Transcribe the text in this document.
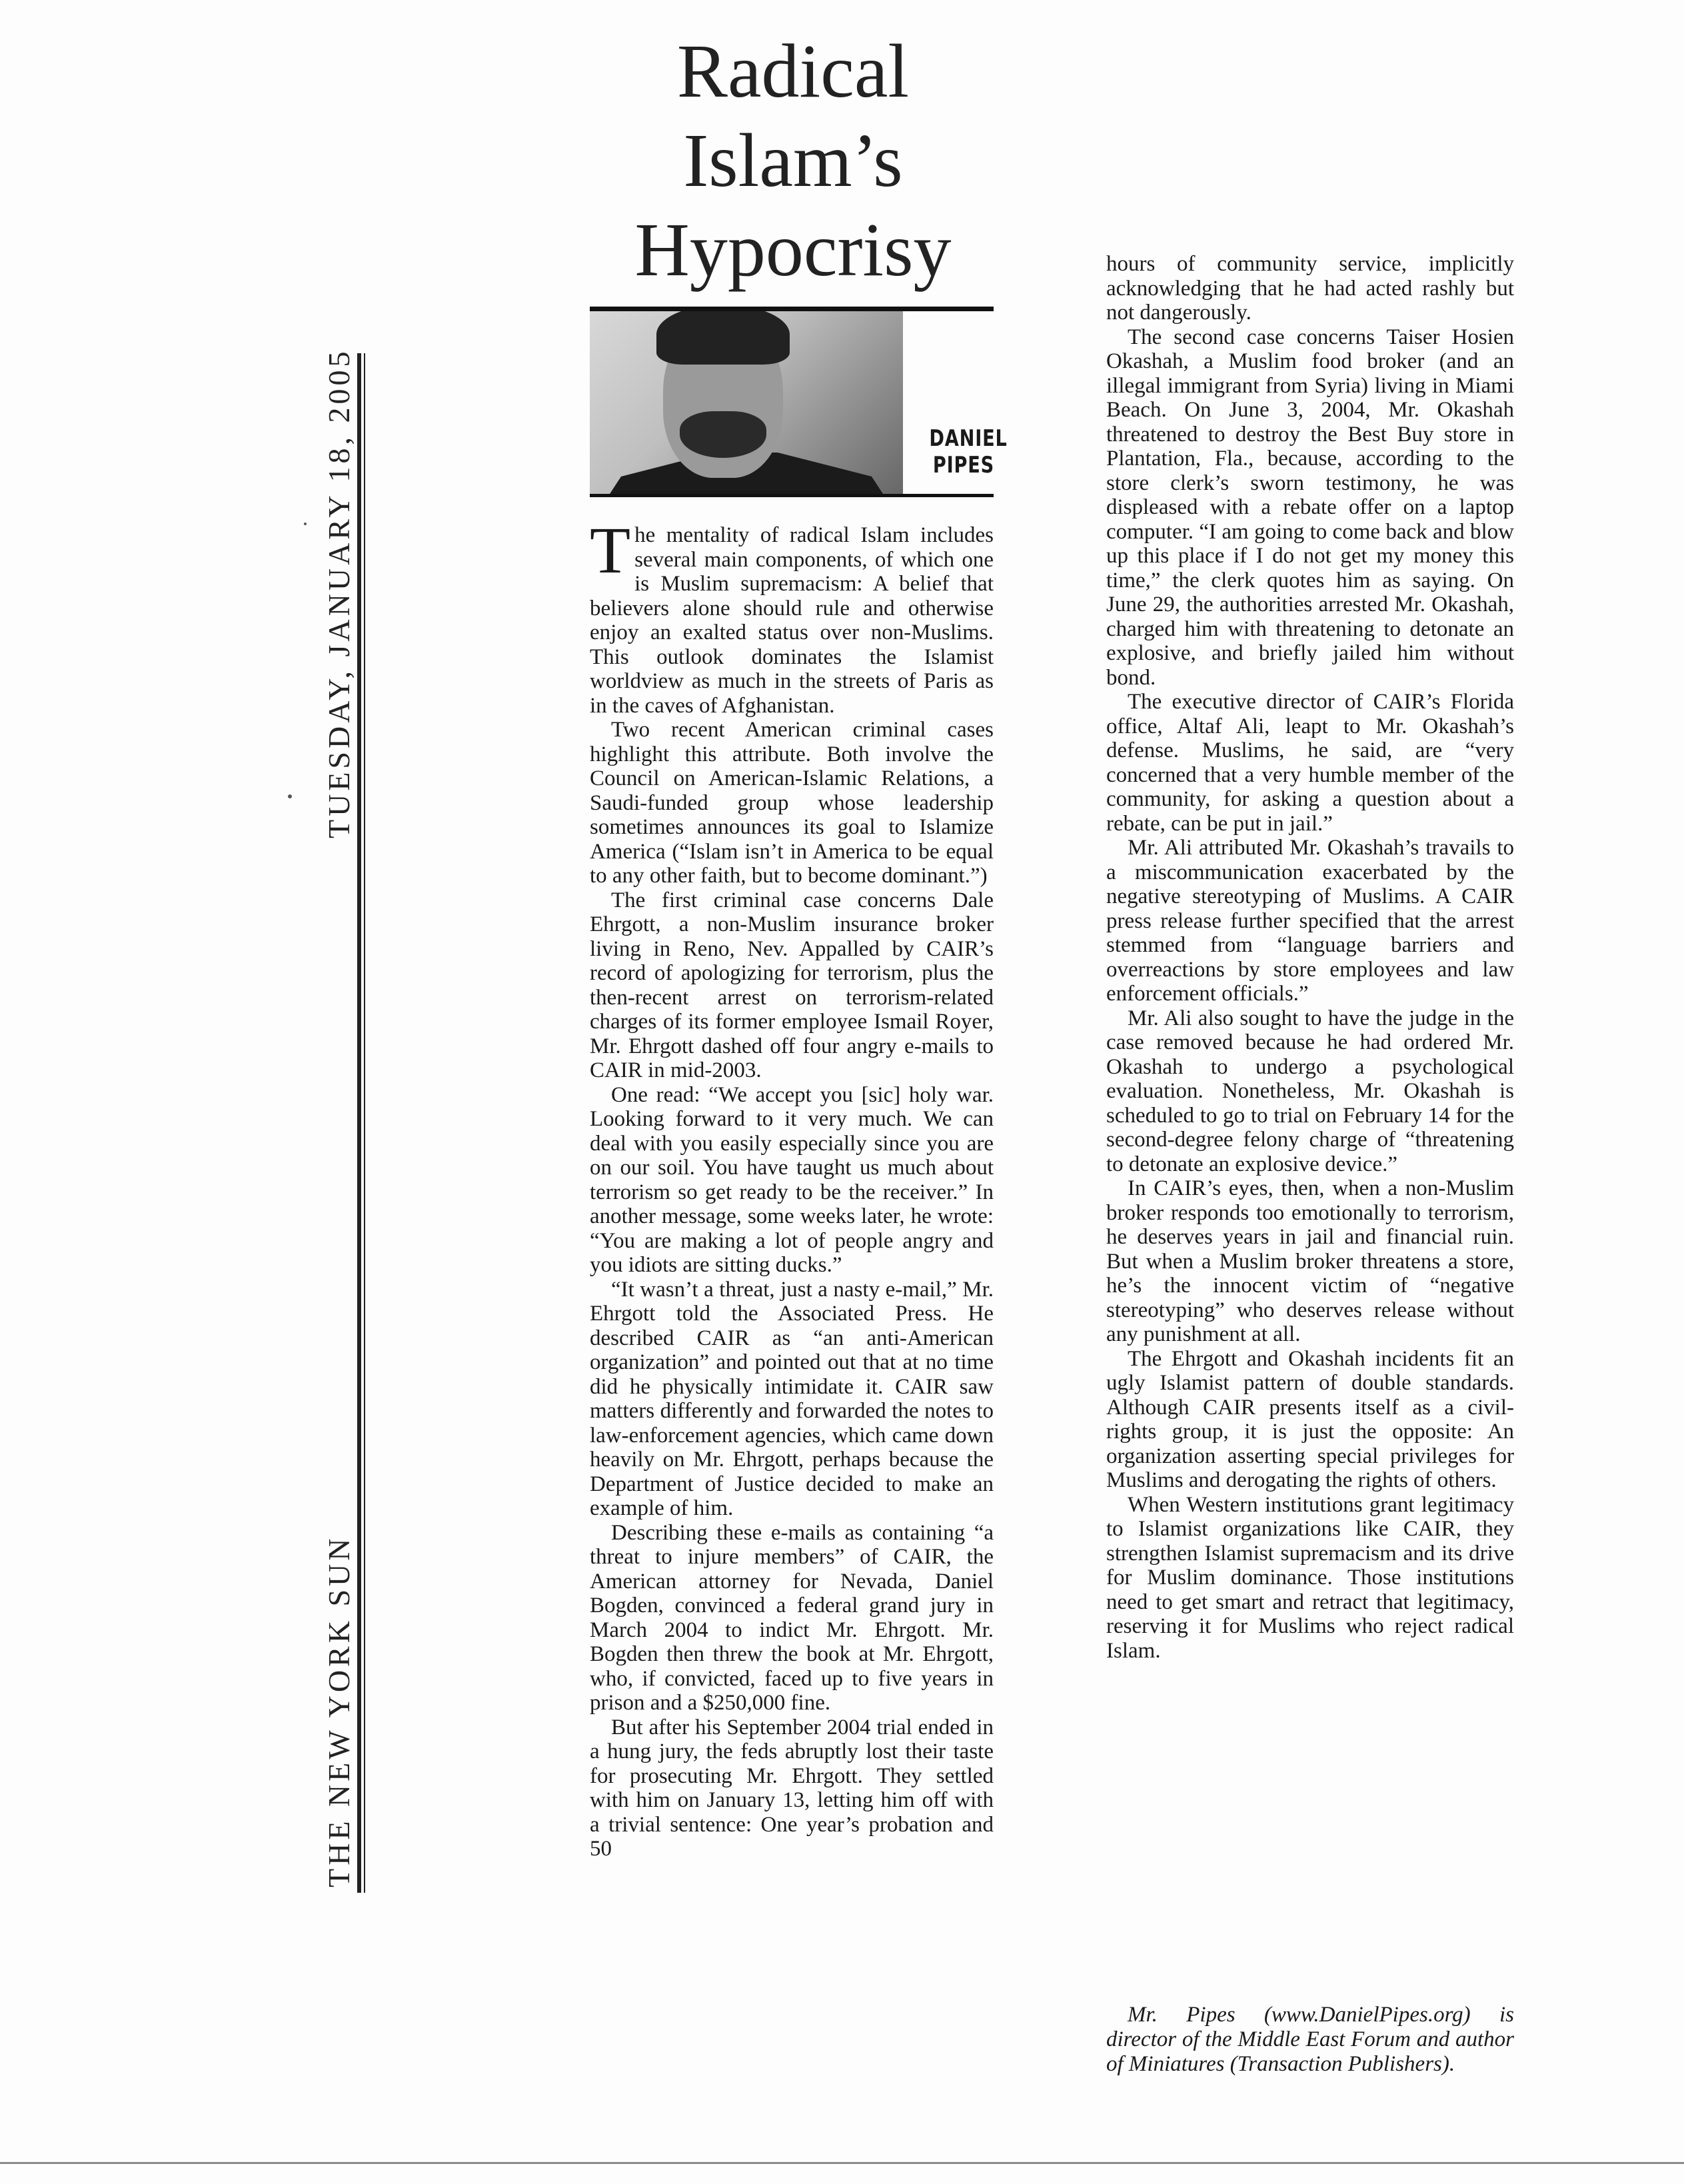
TUESDAY, JANUARY 18, 2005
THE NEW YORK SUN
Radical
Islam’s
Hypocrisy
DANIEL
PIPES

The mentality of radical Islam includes several main components, of which one is Muslim supremacism: A belief that believers alone should rule and otherwise enjoy an exalted status over non-Muslims. This outlook dominates the Islamist worldview as much in the streets of Paris as in the caves of Afghanistan.

Two recent American criminal cases highlight this attribute. Both involve the Council on American-Islamic Relations, a Saudi-funded group whose leadership sometimes announces its goal to Islamize America (“Islam isn’t in America to be equal to any other faith, but to become dominant.”)

The first criminal case concerns Dale Ehrgott, a non-Muslim insurance broker living in Reno, Nev. Appalled by CAIR’s record of apologizing for terrorism, plus the then-recent arrest on terrorism-related charges of its former employee Ismail Royer, Mr. Ehrgott dashed off four angry e-mails to CAIR in mid-2003.

One read: “We accept you [sic] holy war. Looking forward to it very much. We can deal with you easily especially since you are on our soil. You have taught us much about terrorism so get ready to be the receiver.” In another message, some weeks later, he wrote: “You are making a lot of people angry and you idiots are sitting ducks.”

“It wasn’t a threat, just a nasty e-mail,” Mr. Ehrgott told the Associated Press. He described CAIR as “an anti-American organization” and pointed out that at no time did he physically intimidate it. CAIR saw matters differently and forwarded the notes to law-enforcement agencies, which came down heavily on Mr. Ehrgott, perhaps because the Department of Justice decided to make an example of him.

Describing these e-mails as containing “a threat to injure members” of CAIR, the American attorney for Nevada, Daniel Bogden, convinced a federal grand jury in March 2004 to indict Mr. Ehrgott. Mr. Bogden then threw the book at Mr. Ehrgott, who, if convicted, faced up to five years in prison and a $250,000 fine.

But after his September 2004 trial ended in a hung jury, the feds abruptly lost their taste for prosecuting Mr. Ehrgott. They settled with him on January 13, letting him off with a trivial sentence: One year’s probation and 50

hours of community service, implicitly acknowledging that he had acted rashly but not dangerously.

The second case concerns Taiser Hosien Okashah, a Muslim food broker (and an illegal immigrant from Syria) living in Miami Beach. On June 3, 2004, Mr. Okashah threatened to destroy the Best Buy store in Plantation, Fla., because, according to the store clerk’s sworn testimony, he was displeased with a rebate offer on a laptop computer. “I am going to come back and blow up this place if I do not get my money this time,” the clerk quotes him as saying. On June 29, the authorities arrested Mr. Okashah, charged him with threatening to detonate an explosive, and briefly jailed him without bond.

The executive director of CAIR’s Florida office, Altaf Ali, leapt to Mr. Okashah’s defense. Muslims, he said, are “very concerned that a very humble member of the community, for asking a question about a rebate, can be put in jail.”

Mr. Ali attributed Mr. Okashah’s travails to a miscommunication exacerbated by the negative stereotyping of Muslims. A CAIR press release further specified that the arrest stemmed from “language barriers and overreactions by store employees and law enforcement officials.”

Mr. Ali also sought to have the judge in the case removed because he had ordered Mr. Okashah to undergo a psychological evaluation. Nonetheless, Mr. Okashah is scheduled to go to trial on February 14 for the second-degree felony charge of “threatening to detonate an explosive device.”

In CAIR’s eyes, then, when a non-Muslim broker responds too emotionally to terrorism, he deserves years in jail and financial ruin. But when a Muslim broker threatens a store, he’s the innocent victim of “negative stereotyping” who deserves release without any punishment at all.

The Ehrgott and Okashah incidents fit an ugly Islamist pattern of double standards. Although CAIR presents itself as a civil-rights group, it is just the opposite: An organization asserting special privileges for Muslims and derogating the rights of others.

When Western institutions grant legitimacy to Islamist organizations like CAIR, they strengthen Islamist supremacism and its drive for Muslim dominance. Those institutions need to get smart and retract that legitimacy, reserving it for Muslims who reject radical Islam.

Mr. Pipes (www.DanielPipes.org) is director of the Middle East Forum and author of Miniatures (Transaction Publishers).
